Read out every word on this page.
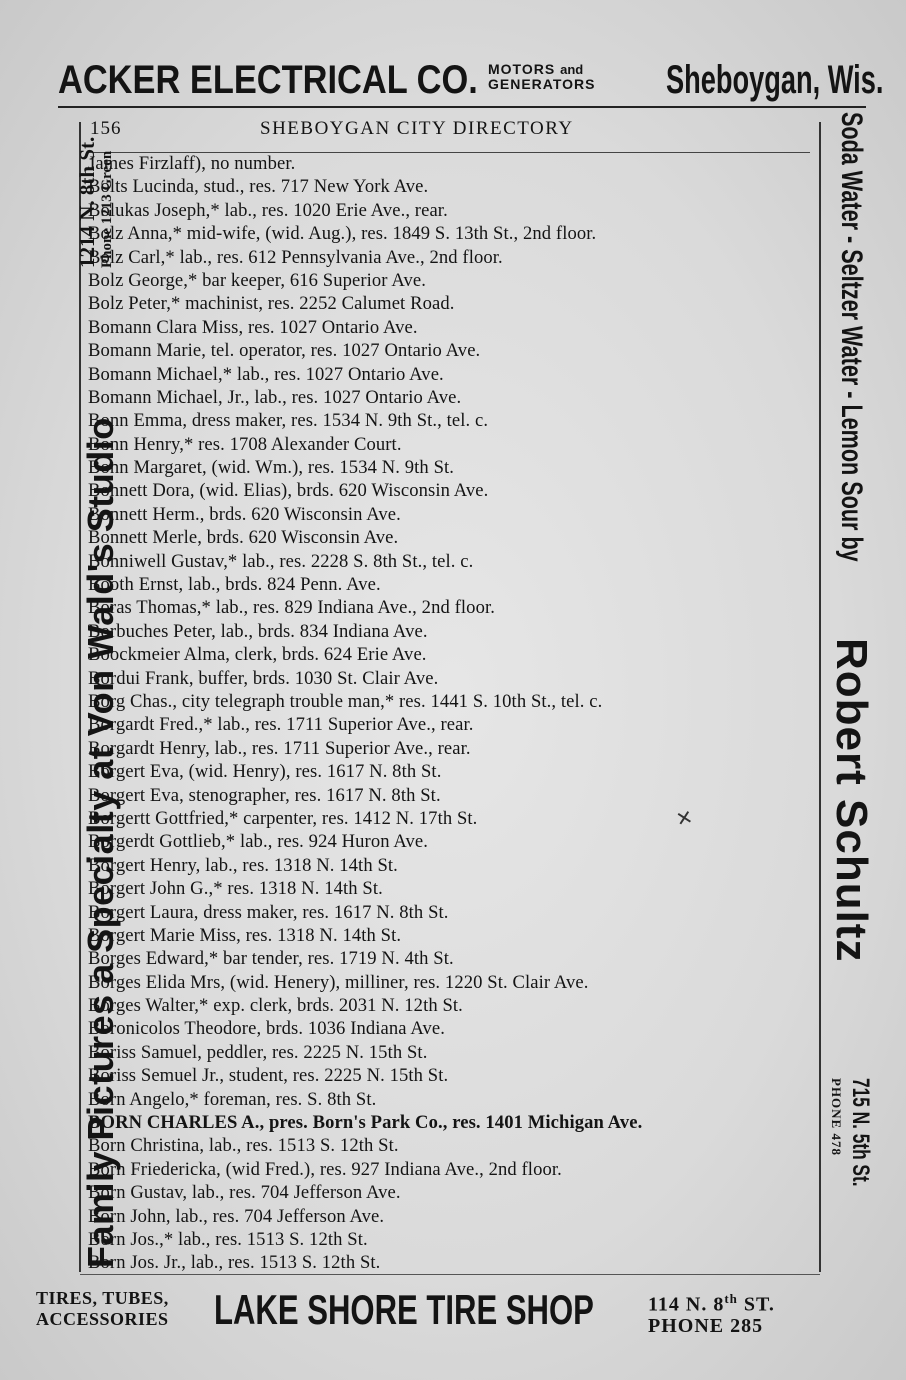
ACKER ELECTRICAL CO. MOTORS and
GENERATORS Sheboygan, Wis.
156	SHEBOYGAN CITY DIRECTORY
James Firzlaff), no number.
Bolts Lucinda, stud., res. 717 New York Ave.
Bolukas Joseph,* lab., res. 1020 Erie Ave., rear.
Bolz Anna,* mid-wife, (wid. Aug.), res. 1849 S. 13th St., 2nd floor.
Bolz Carl,* lab., res. 612 Pennsylvania Ave., 2nd floor.
Bolz George,* bar keeper, 616 Superior Ave.
Bolz Peter,* machinist, res. 2252 Calumet Road.
Bomann Clara Miss, res. 1027 Ontario Ave.
Bomann Marie, tel. operator, res. 1027 Ontario Ave.
Bomann Michael,* lab., res. 1027 Ontario Ave.
Bomann Michael, Jr., lab., res. 1027 Ontario Ave.
Bonn Emma, dress maker, res. 1534 N. 9th St., tel. c.
Bonn Henry,* res. 1708 Alexander Court.
Bonn Margaret, (wid. Wm.), res. 1534 N. 9th St.
Bonnett Dora, (wid. Elias), brds. 620 Wisconsin Ave.
Bonnett Herm., brds. 620 Wisconsin Ave.
Bonnett Merle, brds. 620 Wisconsin Ave.
Bonniwell Gustav,* lab., res. 2228 S. 8th St., tel. c.
Booth Ernst, lab., brds. 824 Penn. Ave.
Boras Thomas,* lab., res. 829 Indiana Ave., 2nd floor.
Borbuches Peter, lab., brds. 834 Indiana Ave.
Boockmeier Alma, clerk, brds. 624 Erie Ave.
Bordui Frank, buffer, brds. 1030 St. Clair Ave.
Borg Chas., city telegraph trouble man,* res. 1441 S. 10th St., tel. c.
Borgardt Fred.,* lab., res. 1711 Superior Ave., rear.
Borgardt Henry, lab., res. 1711 Superior Ave., rear.
Borgert Eva, (wid. Henry), res. 1617 N. 8th St.
Borgert Eva, stenographer, res. 1617 N. 8th St.
Borgertt Gottfried,* carpenter, res. 1412 N. 17th St.
Borgerdt Gottlieb,* lab., res. 924 Huron Ave.
Borgert Henry, lab., res. 1318 N. 14th St.
Borgert John G.,* res. 1318 N. 14th St.
Borgert Laura, dress maker, res. 1617 N. 8th St.
Borgert Marie Miss, res. 1318 N. 14th St.
Borges Edward,* bar tender, res. 1719 N. 4th St.
Borges Elida Mrs, (wid. Henery), milliner, res. 1220 St. Clair Ave.
Borges Walter,* exp. clerk, brds. 2031 N. 12th St.
Boronicolos Theodore, brds. 1036 Indiana Ave.
Boriss Samuel, peddler, res. 2225 N. 15th St.
Boriss Semuel Jr., student, res. 2225 N. 15th St.
Born Angelo,* foreman, res. S. 8th St.
BORN CHARLES A., pres. Born's Park Co., res. 1401 Michigan Ave.
Born Christina, lab., res. 1513 S. 12th St.
Born Friedericka, (wid Fred.), res. 927 Indiana Ave., 2nd floor.
Born Gustav, lab., res. 704 Jefferson Ave.
Born John, lab., res. 704 Jefferson Ave.
Born Jos.,* lab., res. 1513 S. 12th St.
Born Jos. Jr., lab., res. 1513 S. 12th St.
✕
Family Pictures a Specialty at Von Wald's Studio
1214 N. 8th St. Phone 1213 Green	Soda Water - Seltzer Water - Lemon Sour by
Robert Schultz
715 N. 5th St.
PHONE 478
TIRES, TUBES,
ACCESSORIES LAKE SHORE TIRE SHOP	114 N. 8th ST.
PHONE 285
